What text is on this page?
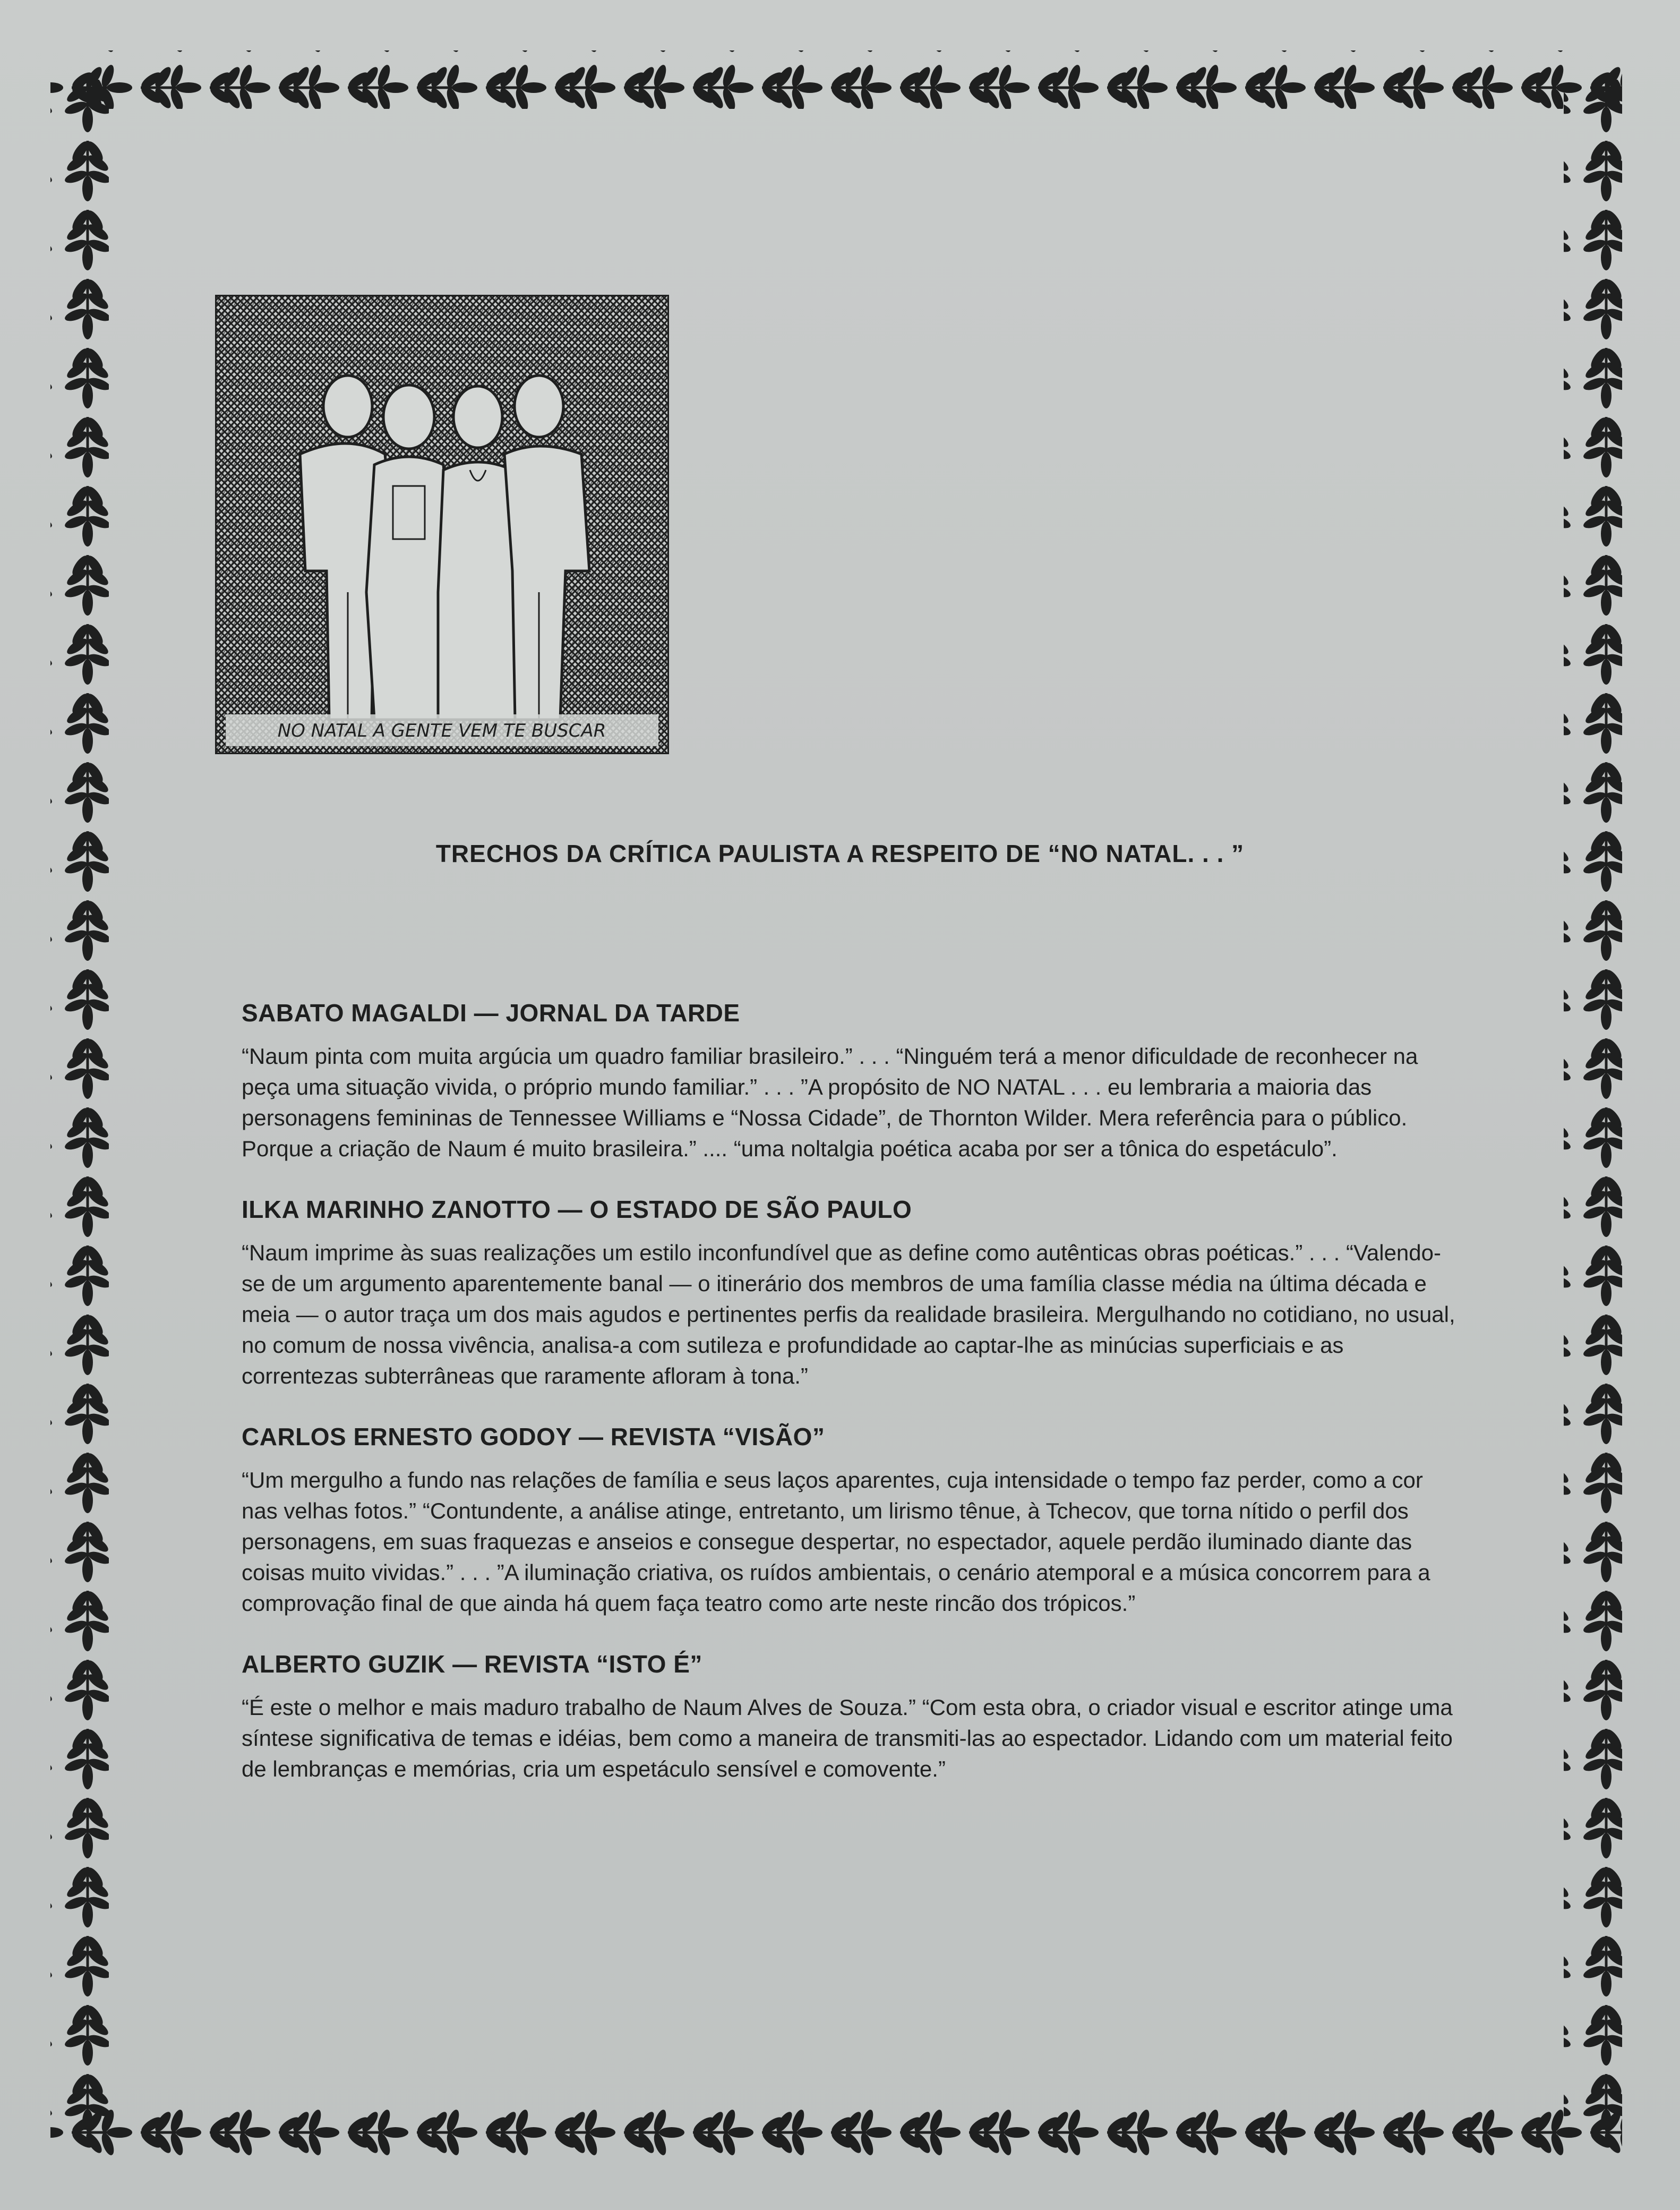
NO NATAL A GENTE VEM TE BUSCAR
TRECHOS DA CRÍTICA PAULISTA A RESPEITO DE “NO NATAL. . . ”
SABATO MAGALDI — JORNAL DA TARDE

“Naum pinta com muita argúcia um quadro familiar brasileiro.” . . . “Ninguém terá a menor dificuldade de reconhecer na peça uma situação vivida, o próprio mundo familiar.” . . . ”A propósito de NO NATAL . . . eu lembraria a maioria das personagens femininas de Tennessee Williams e “Nossa Cidade”, de Thornton Wilder. Mera referência para o público. Porque a criação de Naum é muito brasileira.” .... “uma noltalgia poética acaba por ser a tônica do espetáculo”.

ILKA MARINHO ZANOTTO — O ESTADO DE SÃO PAULO

“Naum imprime às suas realizações um estilo inconfundível que as define como autênticas obras poéticas.” . . . “Valendo-se de um argumento aparentemente banal — o itinerário dos membros de uma família classe média na última década e meia — o autor traça um dos mais agudos e pertinentes perfis da realidade brasileira. Mergulhando no cotidiano, no usual, no comum de nossa vivência, analisa-a com sutileza e profundidade ao captar-lhe as minúcias superficiais e as correntezas subterrâneas que raramente afloram à tona.”

CARLOS ERNESTO GODOY — REVISTA “VISÃO”

“Um mergulho a fundo nas relações de família e seus laços aparentes, cuja intensidade o tempo faz perder, como a cor nas velhas fotos.” “Contundente, a análise atinge, entretanto, um lirismo tênue, à Tchecov, que torna nítido o perfil dos personagens, em suas fraquezas e anseios e consegue despertar, no espectador, aquele perdão iluminado diante das coisas muito vividas.” . . . ”A iluminação criativa, os ruídos ambientais, o cenário atemporal e a música concorrem para a comprovação final de que ainda há quem faça teatro como arte neste rincão dos trópicos.”

ALBERTO GUZIK — REVISTA “ISTO É”

“É este o melhor e mais maduro trabalho de Naum Alves de Souza.” “Com esta obra, o criador visual e escritor atinge uma síntese significativa de temas e idéias, bem como a maneira de transmiti-las ao espectador. Lidando com um material feito de lembranças e memórias, cria um espetáculo sensível e comovente.”
